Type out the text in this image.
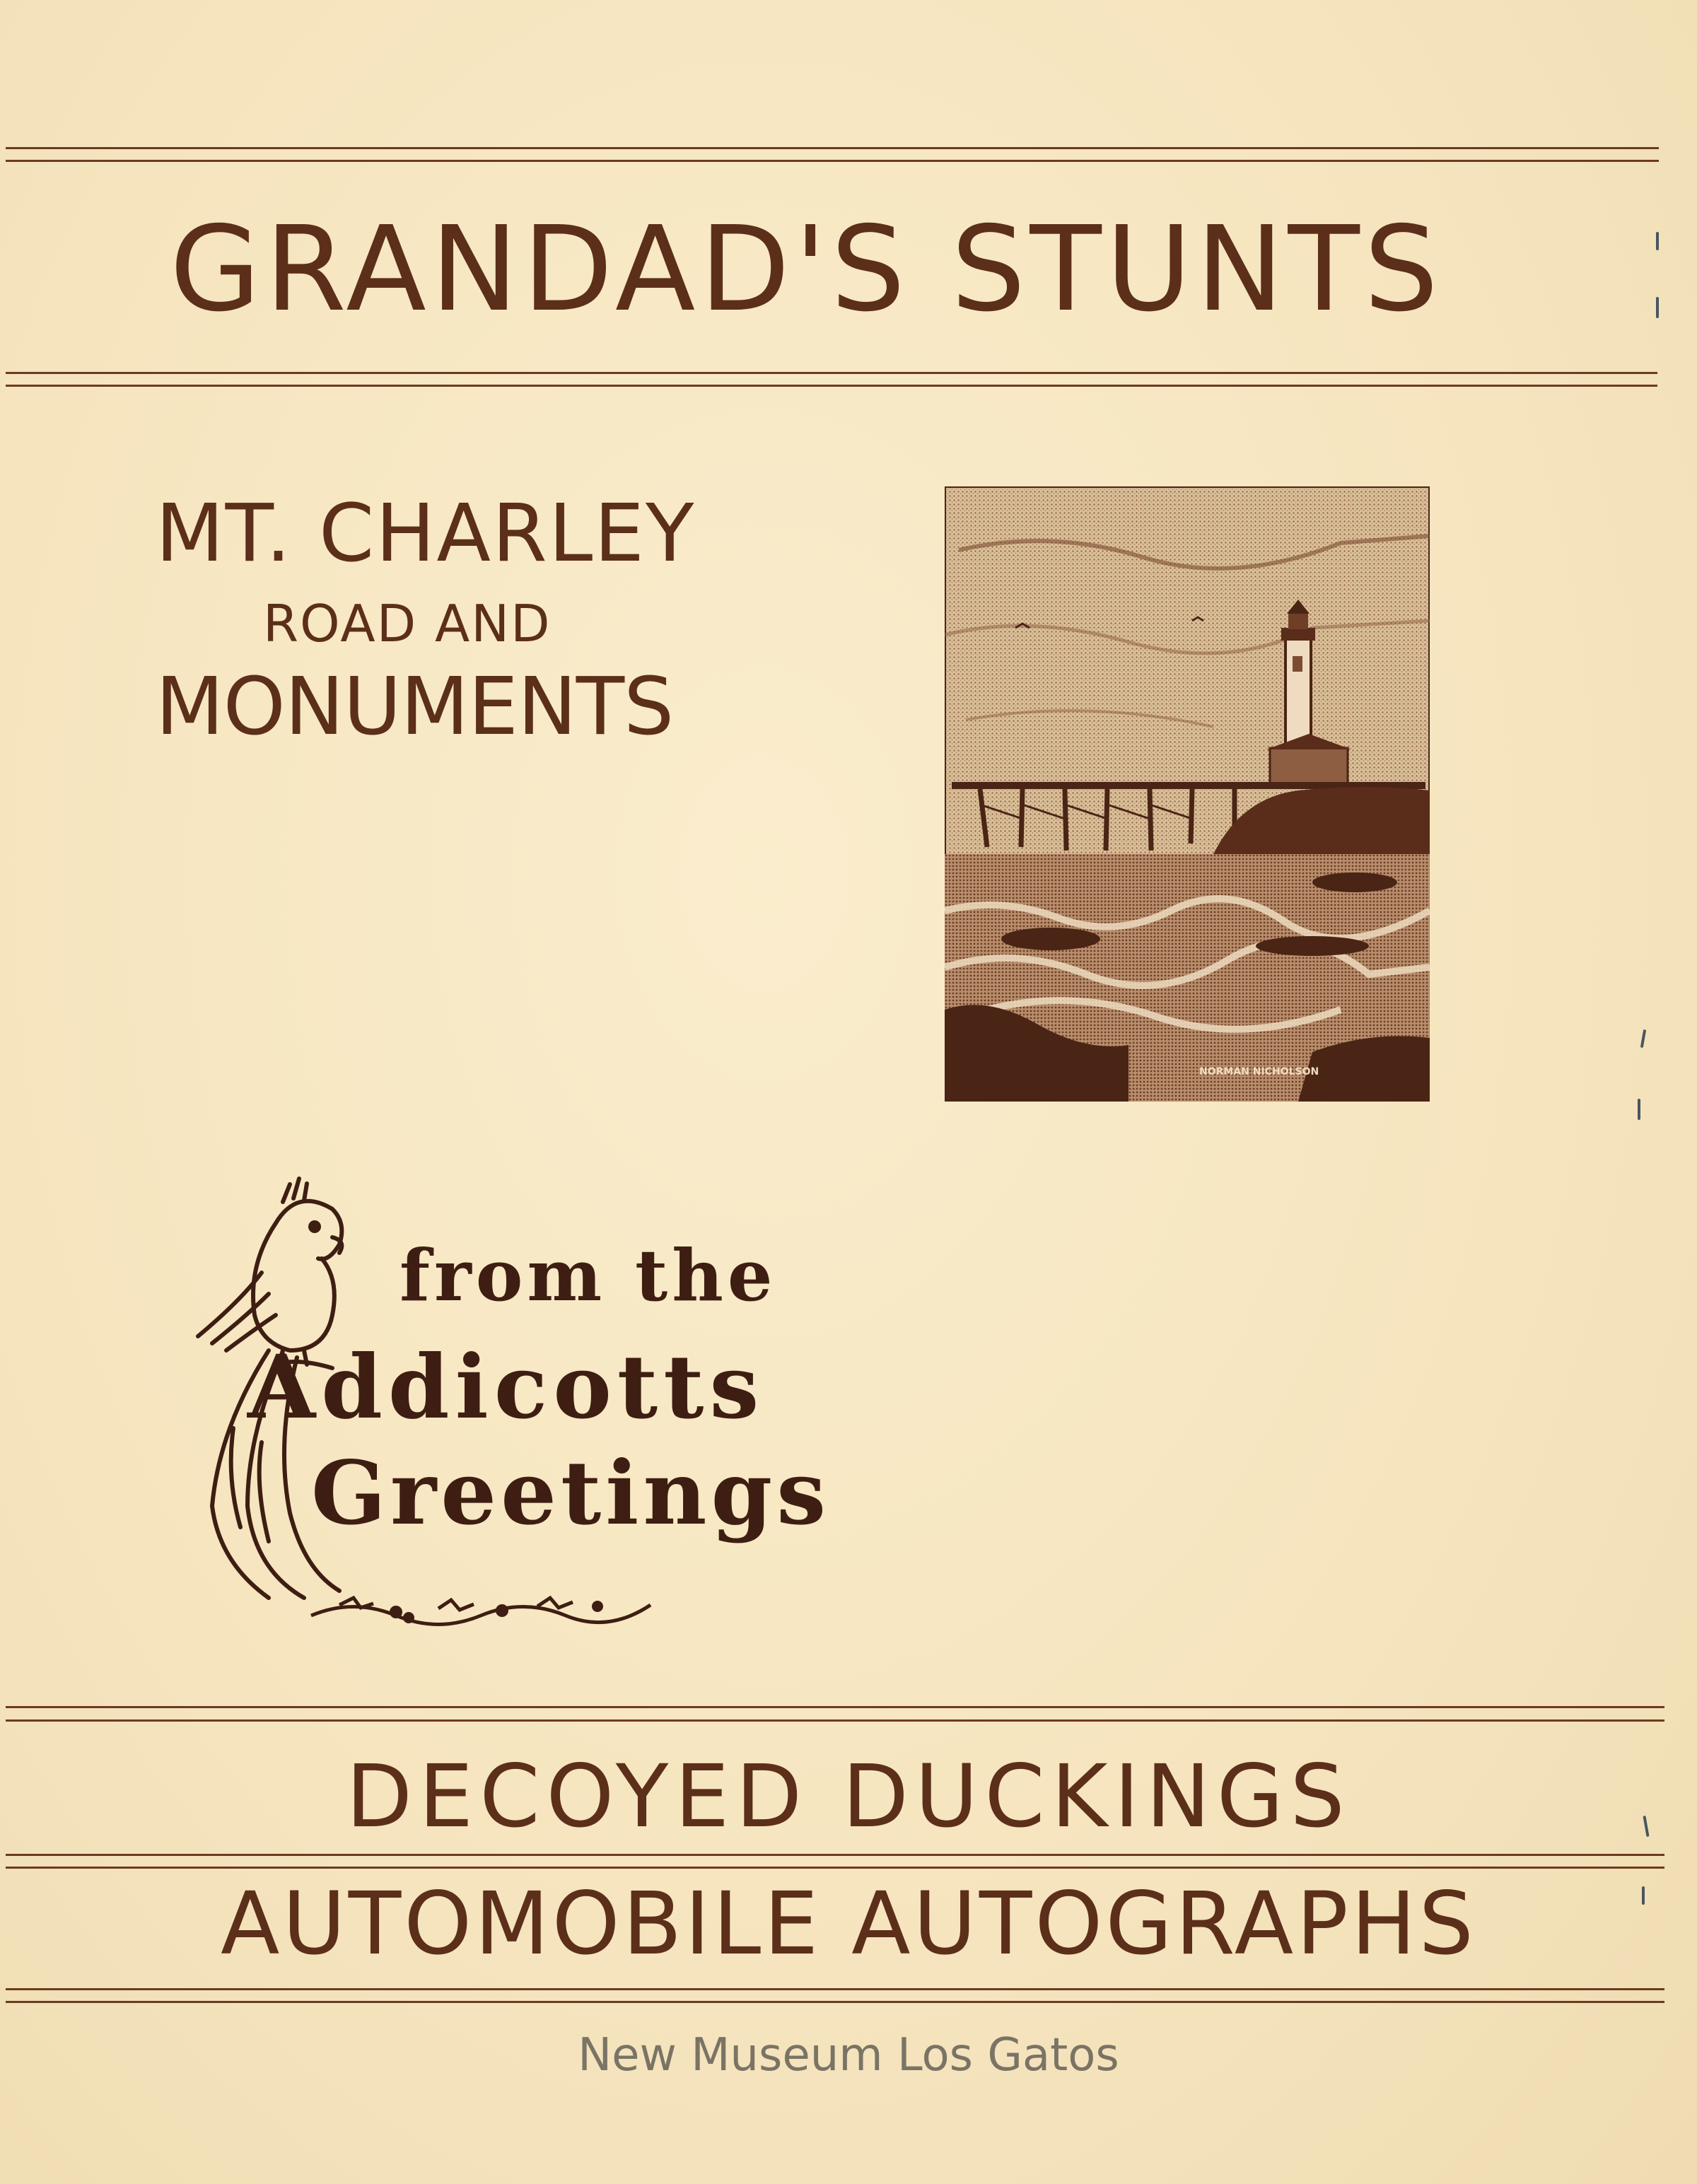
GRANDAD'S STUNTS
MT. CHARLEY
ROAD AND
MONUMENTS
NORMAN NICHOLSON
from the
Addicotts
Greetings
DECOYED DUCKINGS
AUTOMOBILE AUTOGRAPHS
New Museum Los Gatos
